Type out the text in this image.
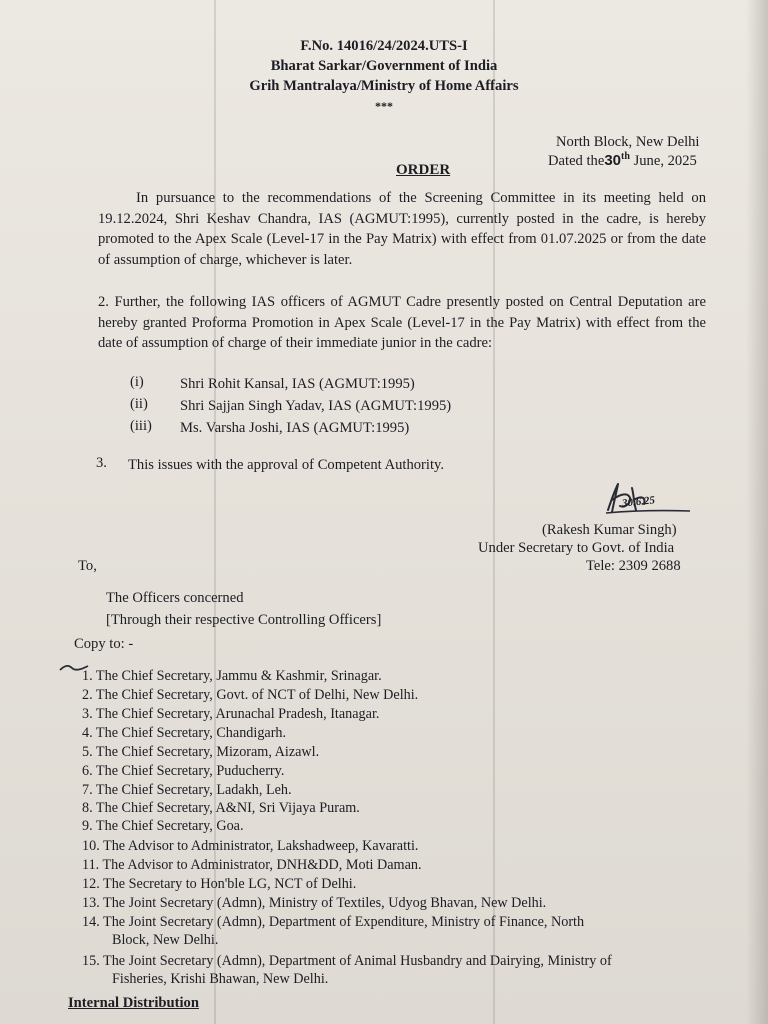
F.No. 14016/24/2024.UTS-I
Bharat Sarkar/Government of India
Grih Mantralaya/Ministry of Home Affairs
***
North Block, New Delhi
Dated the30th June, 2025
ORDER
In pursuance to the recommendations of the Screening Committee in its meeting held on 19.12.2024, Shri Keshav Chandra, IAS (AGMUT:1995), currently posted in the cadre, is hereby promoted to the Apex Scale (Level-17 in the Pay Matrix) with effect from 01.07.2025 or from the date of assumption of charge, whichever is later.
2. Further, the following IAS officers of AGMUT Cadre presently posted on Central Deputation are hereby granted Proforma Promotion in Apex Scale (Level-17 in the Pay Matrix) with effect from the date of assumption of charge of their immediate junior in the cadre:
(i) Shri Rohit Kansal, IAS (AGMUT:1995)
(ii) Shri Sajjan Singh Yadav, IAS (AGMUT:1995)
(iii) Ms. Varsha Joshi, IAS (AGMUT:1995)
3. This issues with the approval of Competent Authority.
30.6.25
(Rakesh Kumar Singh)
Under Secretary to Govt. of India
Tele: 2309 2688
To,
The Officers concerned
[Through their respective Controlling Officers]
Copy to: -
1. The Chief Secretary, Jammu & Kashmir, Srinagar.
2. The Chief Secretary, Govt. of NCT of Delhi, New Delhi.
3. The Chief Secretary, Arunachal Pradesh, Itanagar.
4. The Chief Secretary, Chandigarh.
5. The Chief Secretary, Mizoram, Aizawl.
6. The Chief Secretary, Puducherry.
7. The Chief Secretary, Ladakh, Leh.
8. The Chief Secretary, A&NI, Sri Vijaya Puram.
9. The Chief Secretary, Goa.
10. The Advisor to Administrator, Lakshadweep, Kavaratti.
11. The Advisor to Administrator, DNH&DD, Moti Daman.
12. The Secretary to Hon'ble LG, NCT of Delhi.
13. The Joint Secretary (Admn), Ministry of Textiles, Udyog Bhavan, New Delhi.
14. The Joint Secretary (Admn), Department of Expenditure, Ministry of Finance, North
Block, New Delhi.
15. The Joint Secretary (Admn), Department of Animal Husbandry and Dairying, Ministry of
Fisheries, Krishi Bhawan, New Delhi.
Internal Distribution
